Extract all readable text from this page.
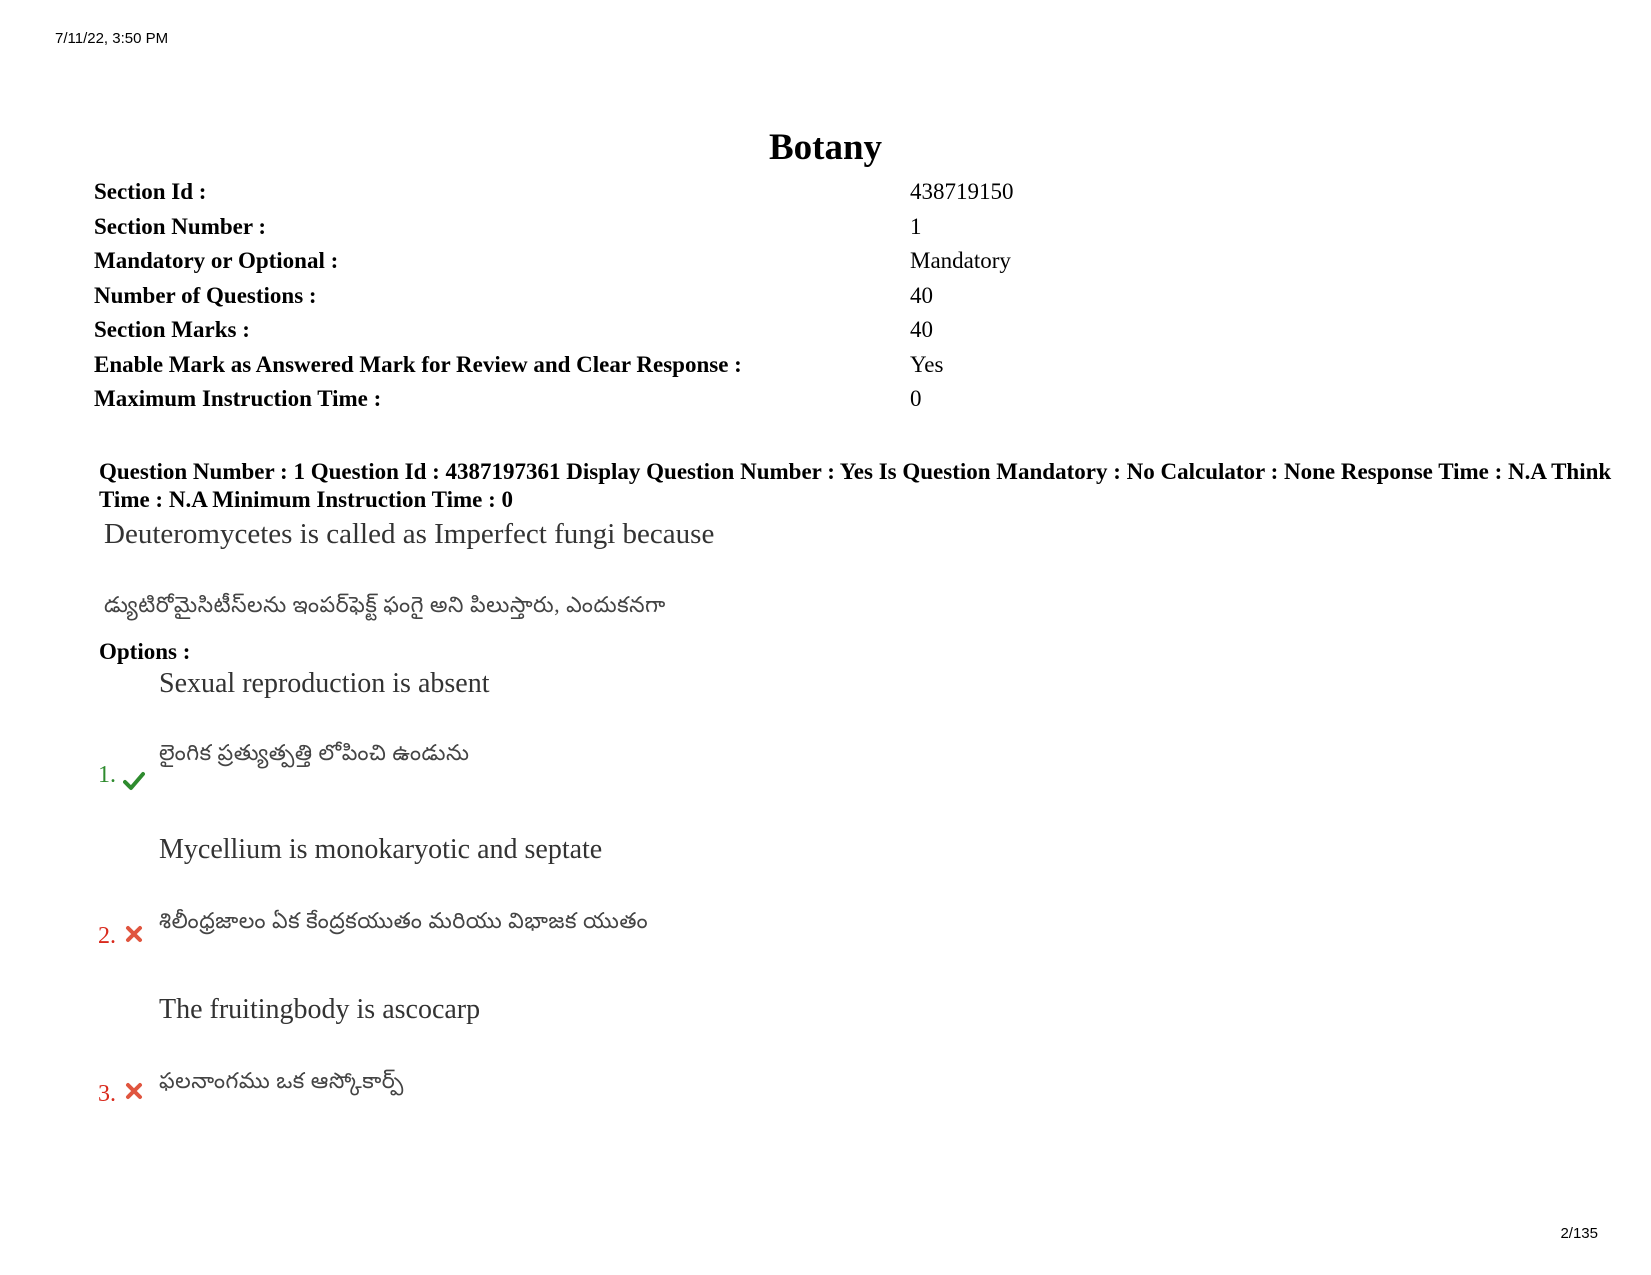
7/11/22, 3:50 PM
Botany
Section Id :	438719150
Section Number :	1
Mandatory or Optional :	Mandatory
Number of Questions :	40
Section Marks :	40
Enable Mark as Answered Mark for Review and Clear Response :	Yes
Maximum Instruction Time :	0
Question Number : 1 Question Id : 4387197361 Display Question Number : Yes Is Question Mandatory : No Calculator : None Response Time : N.A Think Time : N.A Minimum Instruction Time : 0
Deuteromycetes is called as Imperfect fungi because
డ్యుటిరోమైసిటీస్‌లను ఇంపర్‌ఫెక్ట్ ఫంగై అని పిలుస్తారు, ఎందుకనగా
Options :
Sexual reproduction is absent
లైంగిక ప్రత్యుత్పత్తి లోపించి ఉండును
1.
Mycellium is monokaryotic and septate
శిలీంధ్రజాలం ఏక కేంద్రకయుతం మరియు విభాజక యుతం
2.
The fruitingbody is ascocarp
ఫలనాంగము ఒక ఆస్కోకార్ప్
3.
2/135
